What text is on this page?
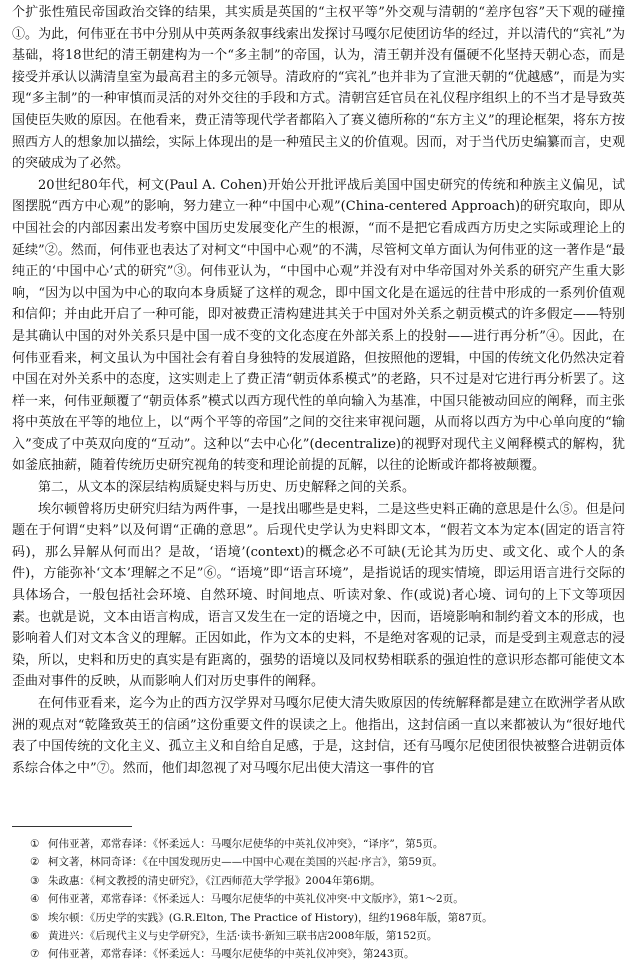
个扩张性殖民帝国政治交锋的结果，其实质是英国的“主权平等”外交观与清朝的“差序包容”天下观的碰撞①。为此，何伟亚在书中分别从中英两条叙事线索出发探讨马嘎尔尼使团访华的经过，并以清代的“宾礼”为基础，将18世纪的清王朝建构为一个“多主制”的帝国，认为，清王朝并没有僵硬不化坚持天朝心态，而是接受并承认以满清皇室为最高君主的多元领导。清政府的“宾礼”也并非为了宣泄天朝的“优越感”，而是为实现“多主制”的一种审慎而灵活的对外交往的手段和方式。清朝宫廷官员在礼仪程序组织上的不当才是导致英国使臣失败的原因。在他看来，费正清等现代学者都陷入了赛义德所称的“东方主义”的理论框架，将东方按照西方人的想象加以描绘，实际上体现出的是一种殖民主义的价值观。因而，对于当代历史编纂而言，史观的突破成为了必然。

20世纪80年代，柯文(Paul A. Cohen)开始公开批评战后美国中国史研究的传统和种族主义偏见，试图摆脱“西方中心观”的影响，努力建立一种“中国中心观”(China-centered Approach)的研究取向，即从中国社会的内部因素出发考察中国历史发展变化产生的根源，“而不是把它看成西方历史之实际或理论上的延续”②。然而，何伟亚也表达了对柯文“中国中心观”的不满，尽管柯文单方面认为何伟亚的这一著作是“最纯正的‘中国中心’式的研究”③。何伟亚认为，“中国中心观”并没有对中华帝国对外关系的研究产生重大影响，“因为以中国为中心的取向本身质疑了这样的观念，即中国文化是在遥远的往昔中形成的一系列价值观和信仰；并由此开启了一种可能，即对被费正清构建进其关于中国对外关系之朝贡模式的许多假定——特别是其确认中国的对外关系只是中国一成不变的文化态度在外部关系上的投射——进行再分析”④。因此，在何伟亚看来，柯文虽认为中国社会有着自身独特的发展道路，但按照他的逻辑，中国的传统文化仍然决定着中国在对外关系中的态度，这实则走上了费正清“朝贡体系模式”的老路，只不过是对它进行再分析罢了。这样一来，何伟亚颠覆了“朝贡体系”模式以西方现代性的单向输入为基准，中国只能被动回应的阐释，而主张将中英放在平等的地位上，以“两个平等的帝国”之间的交往来审视问题，从而将以西方为中心单向度的“输入”变成了中英双向度的“互动”。这种以“去中心化”(decentralize)的视野对现代主义阐释模式的解构，犹如釜底抽薪，随着传统历史研究视角的转变和理论前提的瓦解，以往的论断或许都将被颠覆。

第二，从文本的深层结构质疑史料与历史、历史解释之间的关系。

埃尔顿曾将历史研究归结为两件事，一是找出哪些是史料，二是这些史料正确的意思是什么⑤。但是问题在于何谓“史料”以及何谓“正确的意思”。后现代史学认为史料即文本，“假若文本为定本(固定的语言符码)，那么异解从何而出？是故，‘语境’(context)的概念必不可缺(无论其为历史、或文化、或个人的条件)，方能弥补‘文本’理解之不足”⑥。“语境”即“语言环境”，是指说话的现实情境，即运用语言进行交际的具体场合，一般包括社会环境、自然环境、时间地点、听读对象、作(或说)者心境、词句的上下文等项因素。也就是说，文本由语言构成，语言又发生在一定的语境之中，因而，语境影响和制约着文本的形成，也影响着人们对文本含义的理解。正因如此，作为文本的史料，不是绝对客观的记录，而是受到主观意志的浸染，所以，史料和历史的真实是有距离的，强势的语境以及同权势相联系的强迫性的意识形态都可能使文本歪曲对事件的反映，从而影响人们对历史事件的阐释。

在何伟亚看来，迄今为止的西方汉学界对马嘎尔尼使大清失败原因的传统解释都是建立在欧洲学者从欧洲的观点对“乾隆致英王的信函”这份重要文件的误读之上。他指出，这封信函一直以来都被认为“很好地代表了中国传统的文化主义、孤立主义和自给自足感，于是，这封信，还有马嘎尔尼使团很快被整合进朝贡体系综合体之中”⑦。然而，他们却忽视了对马嘎尔尼出使大清这一事件的官

① 何伟亚著，邓常春译：《怀柔远人：马嘎尔尼使华的中英礼仪冲突》，“译序”，第5页。
② 柯文著，林同奇译：《在中国发现历史——中国中心观在美国的兴起·序言》，第59页。
③ 朱政惠：《柯文教授的清史研究》，《江西师范大学学报》2004年第6期。
④ 何伟亚著，邓常春译：《怀柔远人：马嘎尔尼使华的中英礼仪冲突·中文版序》，第1～2页。
⑤ 埃尔顿：《历史学的实践》(G.R.Elton, The Practice of History)，纽约1968年版，第87页。
⑥ 黄进兴：《后现代主义与史学研究》，生活·读书·新知三联书店2008年版，第152页。
⑦ 何伟亚著，邓常春译：《怀柔远人：马嘎尔尼使华的中英礼仪冲突》，第243页。
